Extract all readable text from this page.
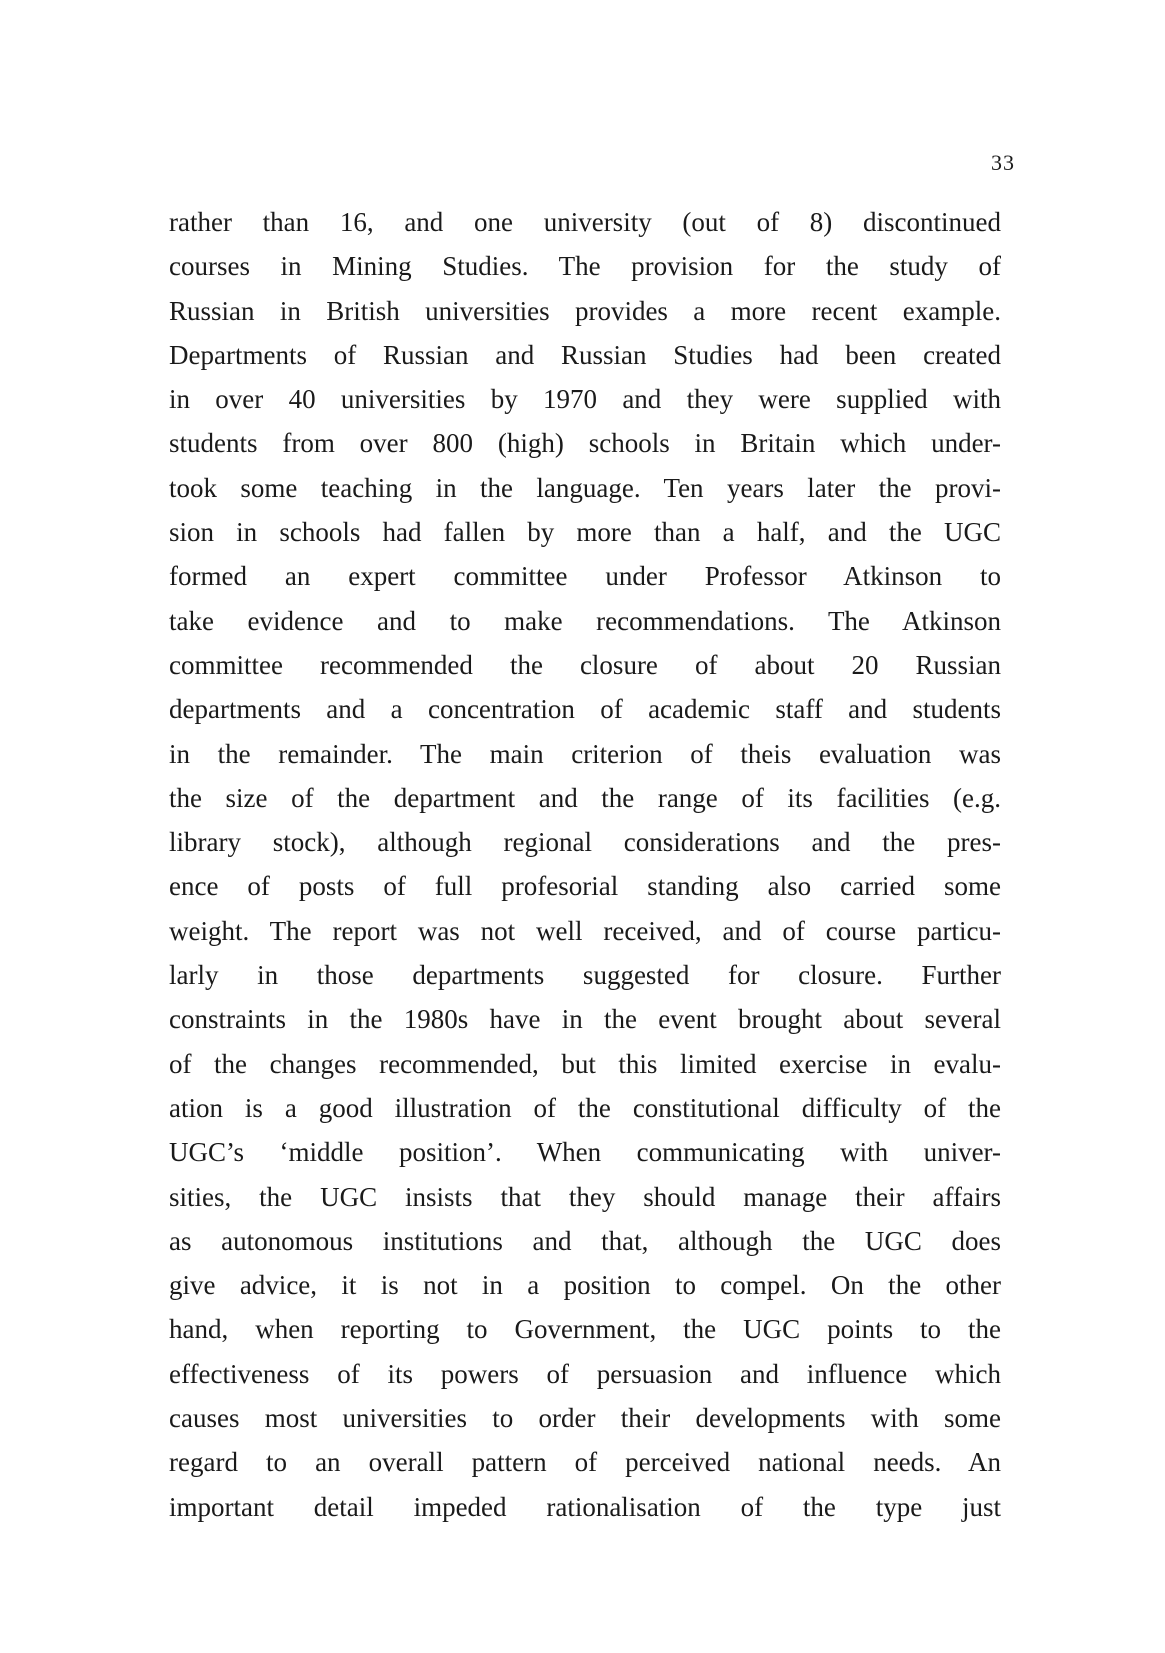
33
rather than 16, and one university (out of 8) discontinued
courses in Mining Studies. The provision for the study of
Russian in British universities provides a more recent example.
Departments of Russian and Russian Studies had been created
in over 40 universities by 1970 and they were supplied with
students from over 800 (high) schools in Britain which under-
took some teaching in the language. Ten years later the provi-
sion in schools had fallen by more than a half, and the UGC
formed an expert committee under Professor Atkinson to
take evidence and to make recommendations. The Atkinson
committee recommended the closure of about 20 Russian
departments and a concentration of academic staff and students
in the remainder. The main criterion of theis evaluation was
the size of the department and the range of its facilities (e.g.
library stock), although regional considerations and the pres-
ence of posts of full profesorial standing also carried some
weight. The report was not well received, and of course particu-
larly in those departments suggested for closure. Further
constraints in the 1980s have in the event brought about several
of the changes recommended, but this limited exercise in evalu-
ation is a good illustration of the constitutional difficulty of the
UGC’s ‘middle position’. When communicating with univer-
sities, the UGC insists that they should manage their affairs
as autonomous institutions and that, although the UGC does
give advice, it is not in a position to compel. On the other
hand, when reporting to Government, the UGC points to the
effectiveness of its powers of persuasion and influence which
causes most universities to order their developments with some
regard to an overall pattern of perceived national needs. An
important detail impeded rationalisation of the type just
